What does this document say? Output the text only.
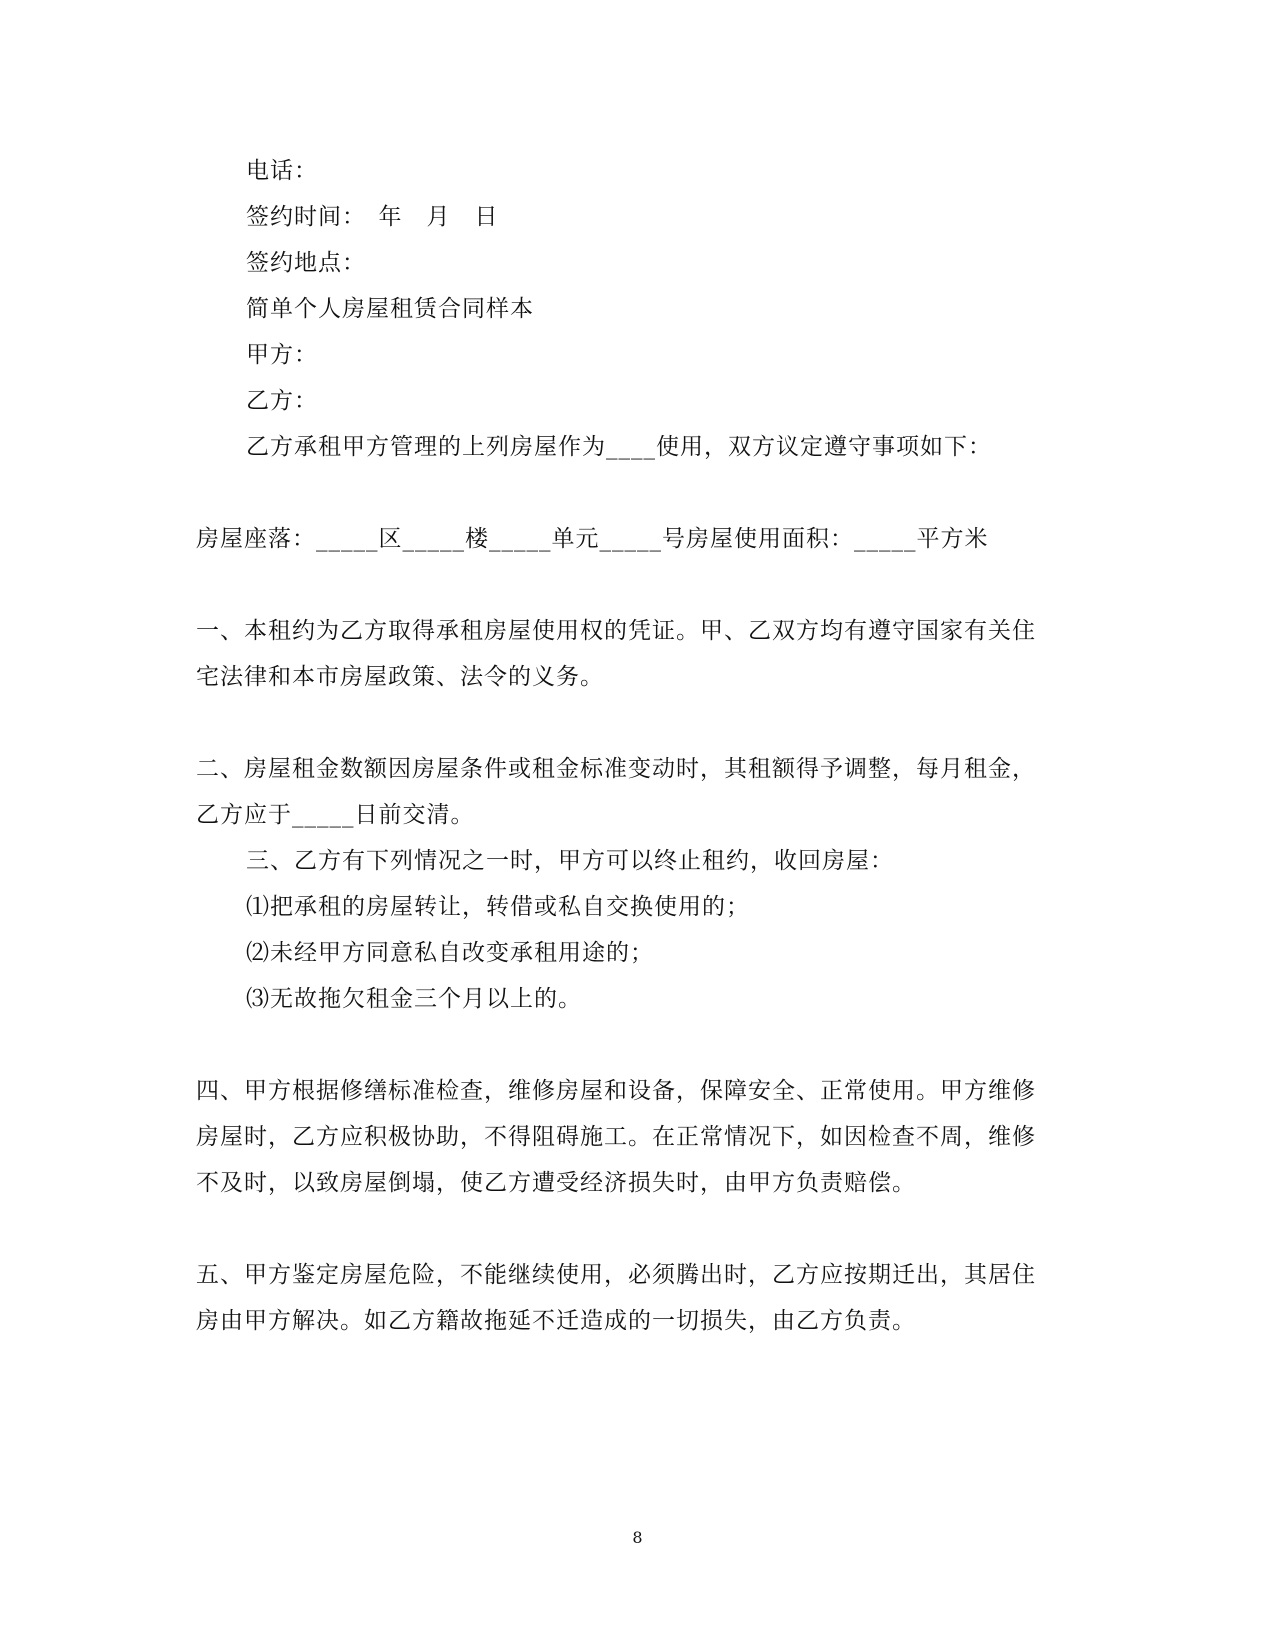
电话：
签约时间：　年　月　日
签约地点：
简单个人房屋租赁合同样本
甲方：
乙方：
乙方承租甲方管理的上列房屋作为____使用，双方议定遵守事项如下：
房屋座落：_____区_____楼_____单元_____号房屋使用面积：_____平方米
一、本租约为乙方取得承租房屋使用权的凭证。甲、乙双方均有遵守国家有关住
宅法律和本市房屋政策、法令的义务。
二、房屋租金数额因房屋条件或租金标准变动时，其租额得予调整，每月租金，
乙方应于_____日前交清。
三、乙方有下列情况之一时，甲方可以终止租约，收回房屋：
⑴把承租的房屋转让，转借或私自交换使用的；
⑵未经甲方同意私自改变承租用途的；
⑶无故拖欠租金三个月以上的。
四、甲方根据修缮标准检查，维修房屋和设备，保障安全、正常使用。甲方维修
房屋时，乙方应积极协助，不得阻碍施工。在正常情况下，如因检查不周，维修
不及时，以致房屋倒塌，使乙方遭受经济损失时，由甲方负责赔偿。
五、甲方鉴定房屋危险，不能继续使用，必须腾出时，乙方应按期迁出，其居住
房由甲方解决。如乙方籍故拖延不迁造成的一切损失，由乙方负责。
8
